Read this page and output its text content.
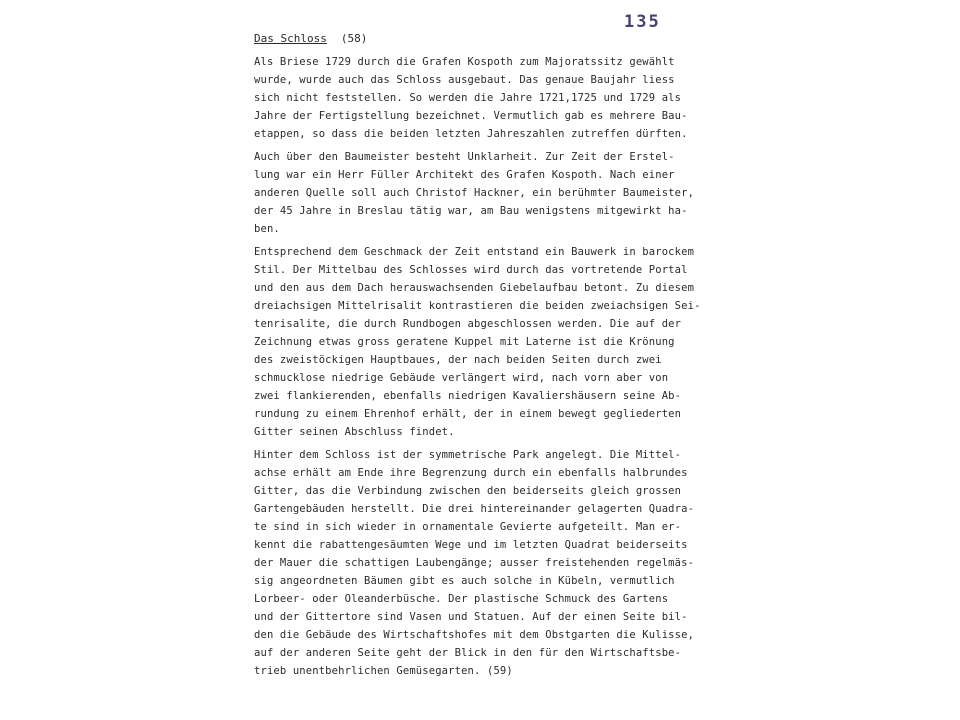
135
Das Schloss (58)
Als Briese 1729 durch die Grafen Kospoth zum Majoratssitz gewählt
wurde, wurde auch das Schloss ausgebaut. Das genaue Baujahr liess
sich nicht feststellen. So werden die Jahre 1721,1725 und 1729 als
Jahre der Fertigstellung bezeichnet. Vermutlich gab es mehrere Bau-
etappen, so dass die beiden letzten Jahreszahlen zutreffen dürften.
Auch über den Baumeister besteht Unklarheit. Zur Zeit der Erstel-
lung war ein Herr Füller Architekt des Grafen Kospoth. Nach einer
anderen Quelle soll auch Christof Hackner, ein berühmter Baumeister,
der 45 Jahre in Breslau tätig war, am Bau wenigstens mitgewirkt ha-
ben.
Entsprechend dem Geschmack der Zeit entstand ein Bauwerk in barockem
Stil. Der Mittelbau des Schlosses wird durch das vortretende Portal
und den aus dem Dach herauswachsenden Giebelaufbau betont. Zu diesem
dreiachsigen Mittelrisalit kontrastieren die beiden zweiachsigen Sei-
tenrisalite, die durch Rundbogen abgeschlossen werden. Die auf der
Zeichnung etwas gross geratene Kuppel mit Laterne ist die Krönung
des zweistöckigen Hauptbaues, der nach beiden Seiten durch zwei
schmucklose niedrige Gebäude verlängert wird, nach vorn aber von
zwei flankierenden, ebenfalls niedrigen Kavaliershäusern seine Ab-
rundung zu einem Ehrenhof erhält, der in einem bewegt gegliederten
Gitter seinen Abschluss findet.
Hinter dem Schloss ist der symmetrische Park angelegt. Die Mittel-
achse erhält am Ende ihre Begrenzung durch ein ebenfalls halbrundes
Gitter, das die Verbindung zwischen den beiderseits gleich grossen
Gartengebäuden herstellt. Die drei hintereinander gelagerten Quadra-
te sind in sich wieder in ornamentale Gevierte aufgeteilt. Man er-
kennt die rabattengesäumten Wege und im letzten Quadrat beiderseits
der Mauer die schattigen Laubengänge; ausser freistehenden regelmäs-
sig angeordneten Bäumen gibt es auch solche in Kübeln, vermutlich
Lorbeer- oder Oleanderbüsche. Der plastische Schmuck des Gartens
und der Gittertore sind Vasen und Statuen. Auf der einen Seite bil-
den die Gebäude des Wirtschaftshofes mit dem Obstgarten die Kulisse,
auf der anderen Seite geht der Blick in den für den Wirtschaftsbe-
trieb unentbehrlichen Gemüsegarten. (59)
